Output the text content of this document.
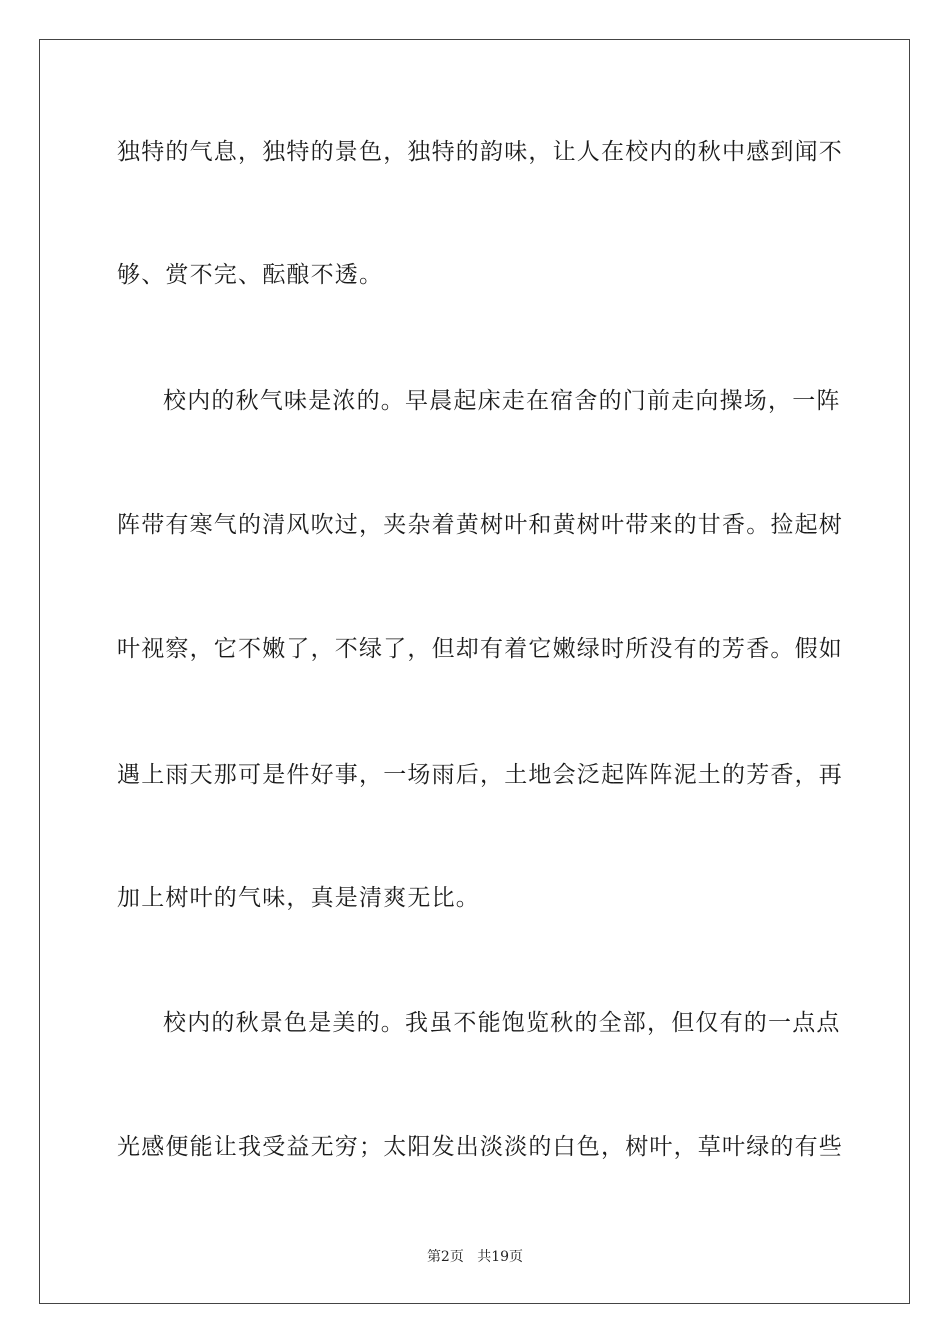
独特的气息，独特的景色，独特的韵味，让人在校内的秋中感到闻不
够、赏不完、酝酿不透。
校内的秋气味是浓的。早晨起床走在宿舍的门前走向操场，一阵
阵带有寒气的清风吹过，夹杂着黄树叶和黄树叶带来的甘香。捡起树
叶视察，它不嫩了，不绿了，但却有着它嫩绿时所没有的芳香。假如
遇上雨天那可是件好事，一场雨后，土地会泛起阵阵泥土的芳香，再
加上树叶的气味，真是清爽无比。
校内的秋景色是美的。我虽不能饱览秋的全部，但仅有的一点点
光感便能让我受益无穷；太阳发出淡淡的白色，树叶，草叶绿的有些
第2页 共19页
